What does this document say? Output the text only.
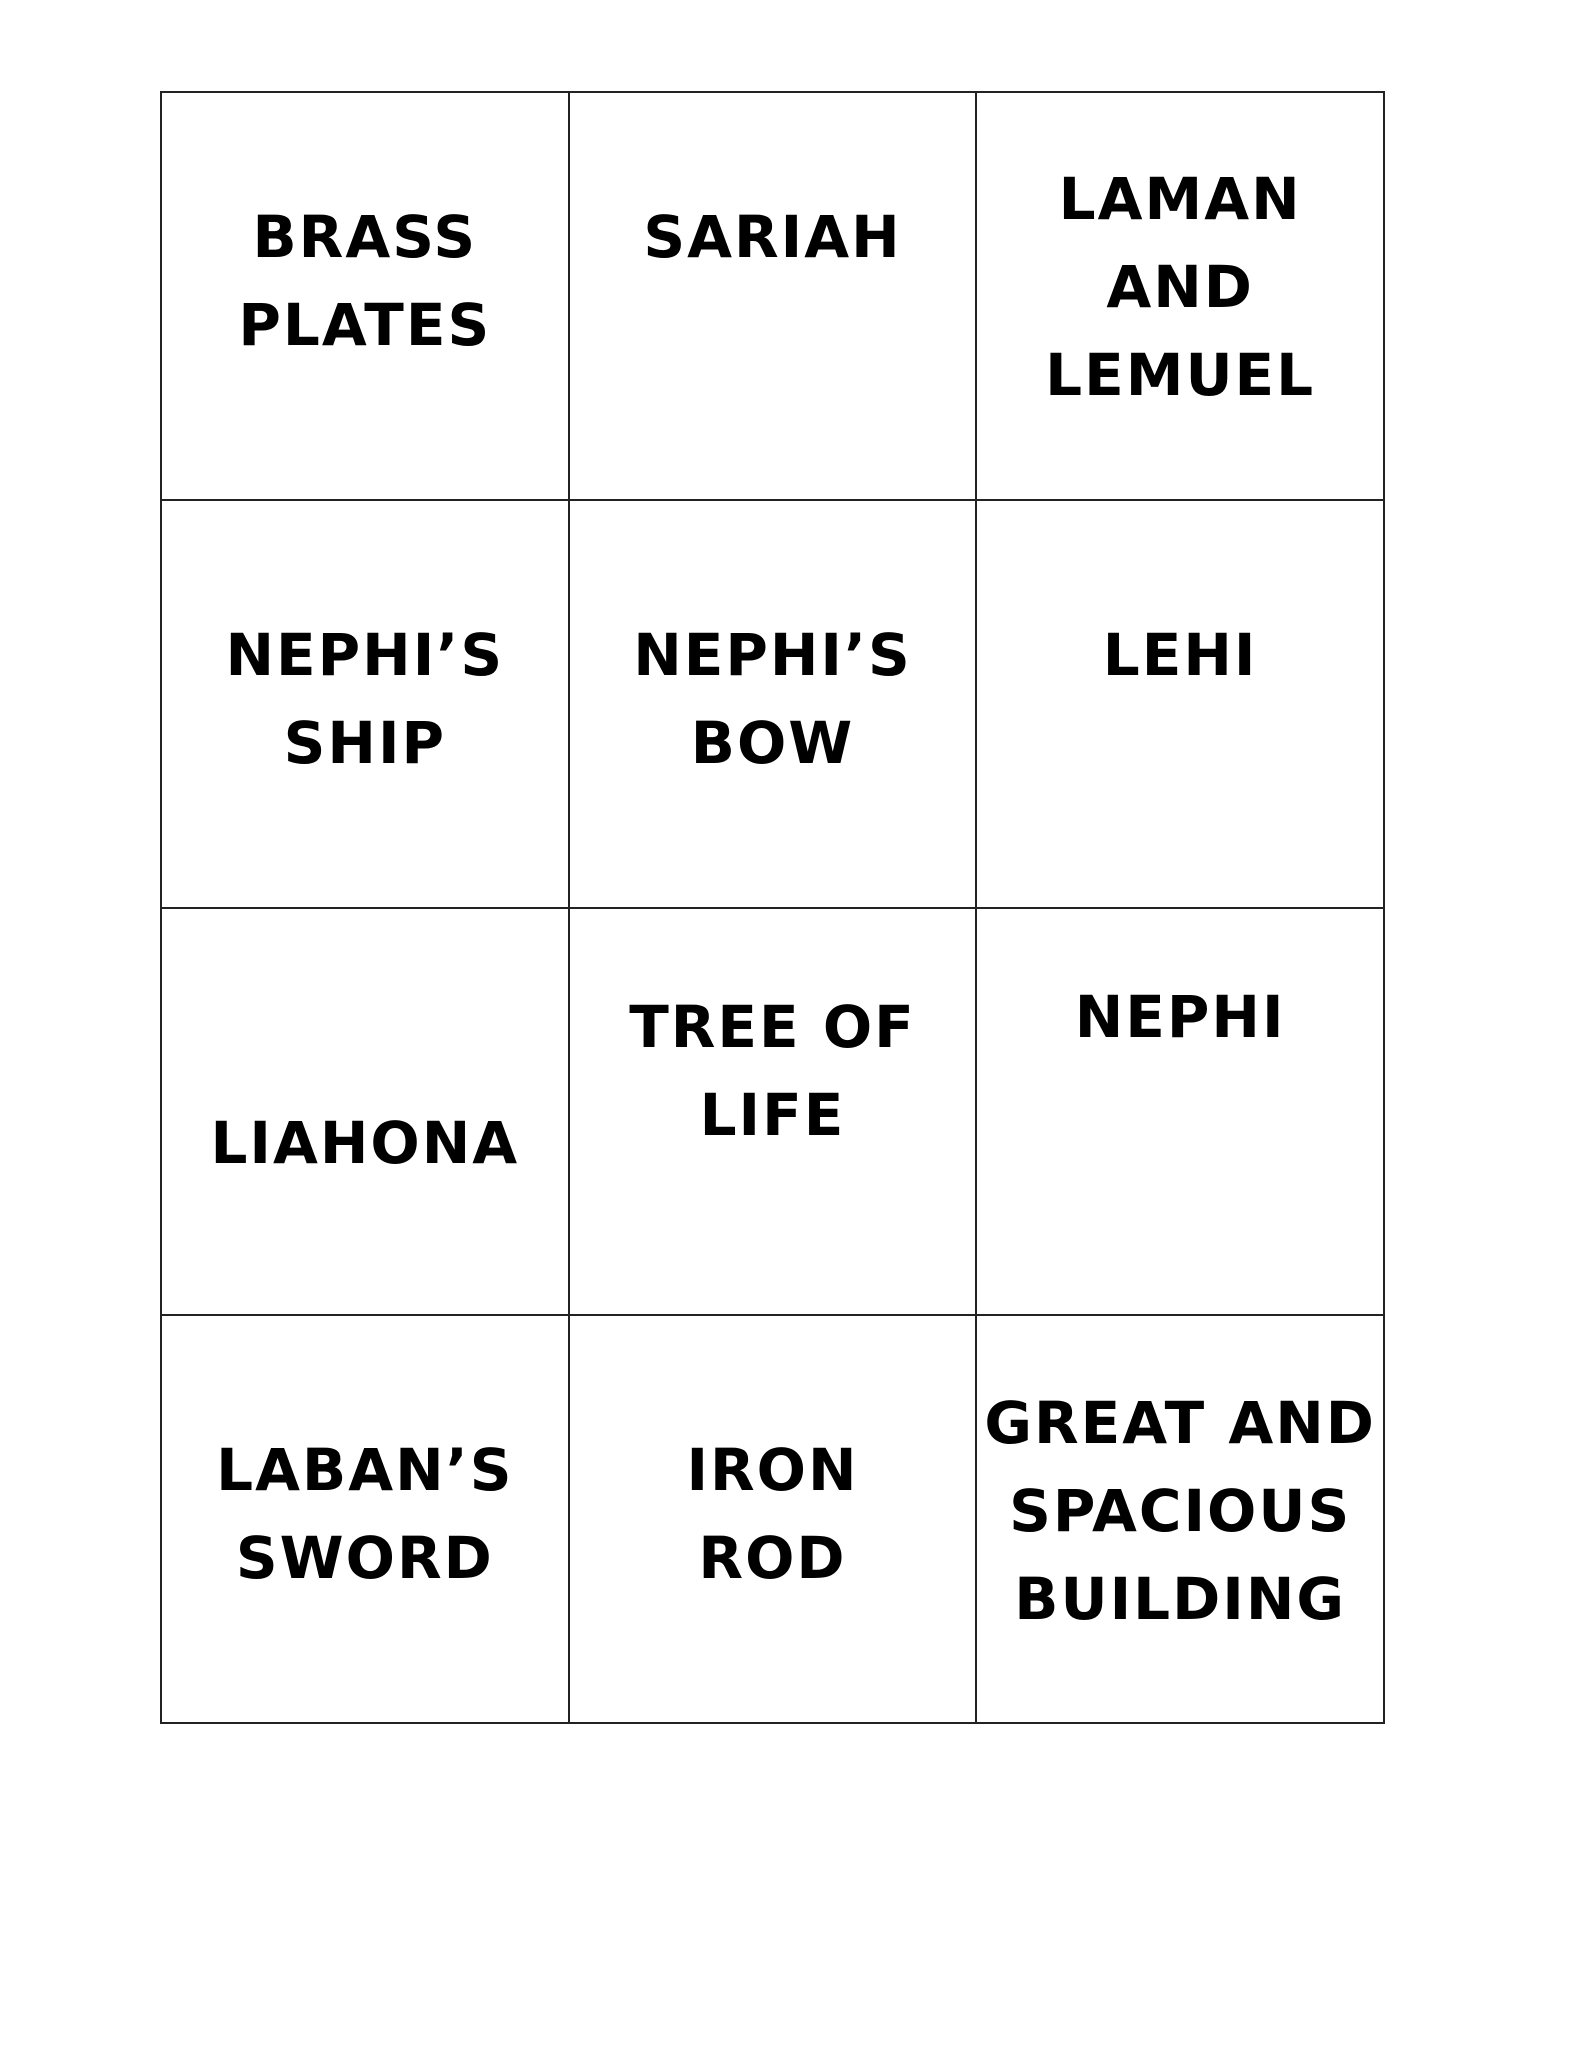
BRASS
PLATES
SARIAH
LAMAN
AND
LEMUEL
NEPHI’S
SHIP
NEPHI’S
BOW
LEHI
LIAHONA
TREE OF
LIFE
NEPHI
LABAN’S
SWORD
IRON
ROD
GREAT AND
SPACIOUS
BUILDING
